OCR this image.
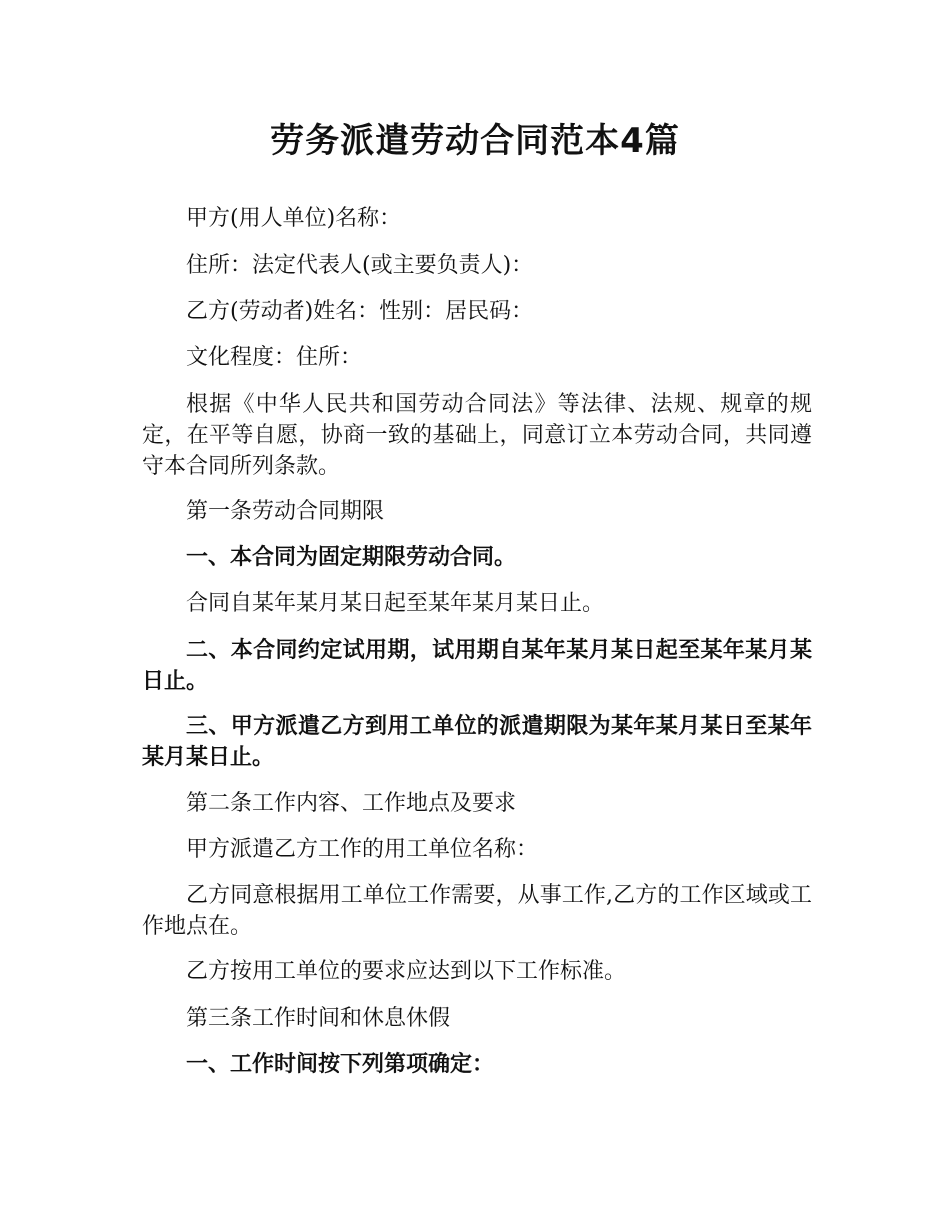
劳务派遣劳动合同范本4篇

甲方(用人单位)名称：

住所：法定代表人(或主要负责人)：

乙方(劳动者)姓名：性别：居民码：

文化程度：住所：

根据《中华人民共和国劳动合同法》等法律、法规、规章的规定，在平等自愿，协商一致的基础上，同意订立本劳动合同，共同遵守本合同所列条款。

第一条劳动合同期限

一、本合同为固定期限劳动合同。

合同自某年某月某日起至某年某月某日止。

二、本合同约定试用期，试用期自某年某月某日起至某年某月某日止。

三、甲方派遣乙方到用工单位的派遣期限为某年某月某日至某年某月某日止。

第二条工作内容、工作地点及要求

甲方派遣乙方工作的用工单位名称：

乙方同意根据用工单位工作需要，从事工作,乙方的工作区域或工作地点在。

乙方按用工单位的要求应达到以下工作标准。

第三条工作时间和休息休假

一、工作时间按下列第项确定：
